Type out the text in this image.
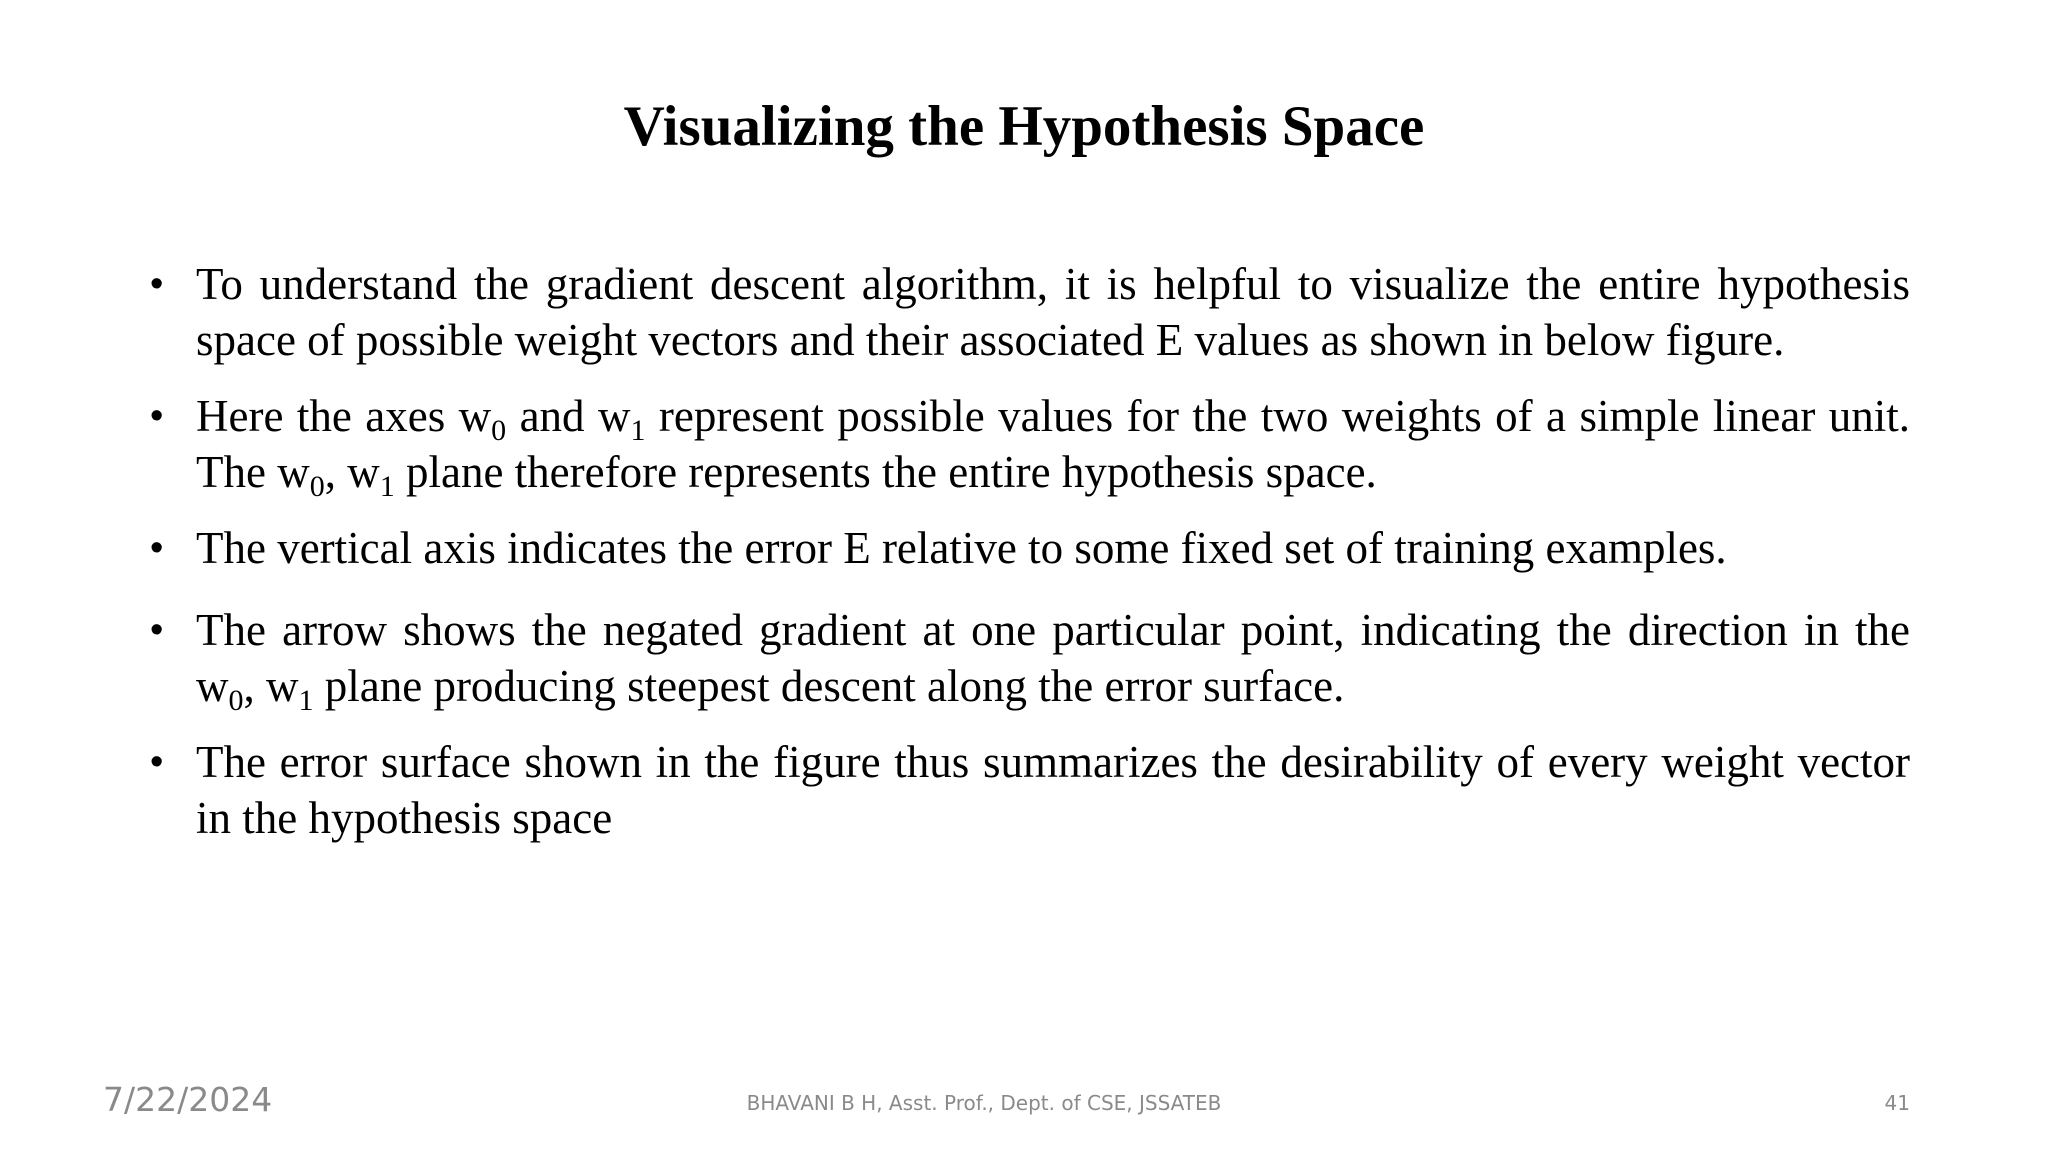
Visualizing the Hypothesis Space
• To understand the gradient descent algorithm, it is helpful to visualize the entire hypothesis space of possible weight vectors and their associated E values as shown in below figure.
• Here the axes $w_0$ and $w_1$ represent possible values for the two weights of a simple linear unit. The $w_0$, $w_1$ plane therefore represents the entire hypothesis space.
• The vertical axis indicates the error E relative to some fixed set of training examples.
• The arrow shows the negated gradient at one particular point, indicating the direction in the $w_0$, $w_1$ plane producing steepest descent along the error surface.
• The error surface shown in the figure thus summarizes the desirability of every weight vector in the hypothesis space
7/22/2024	BHAVANI B H, Asst. Prof., Dept. of CSE, JSSATEB	41
